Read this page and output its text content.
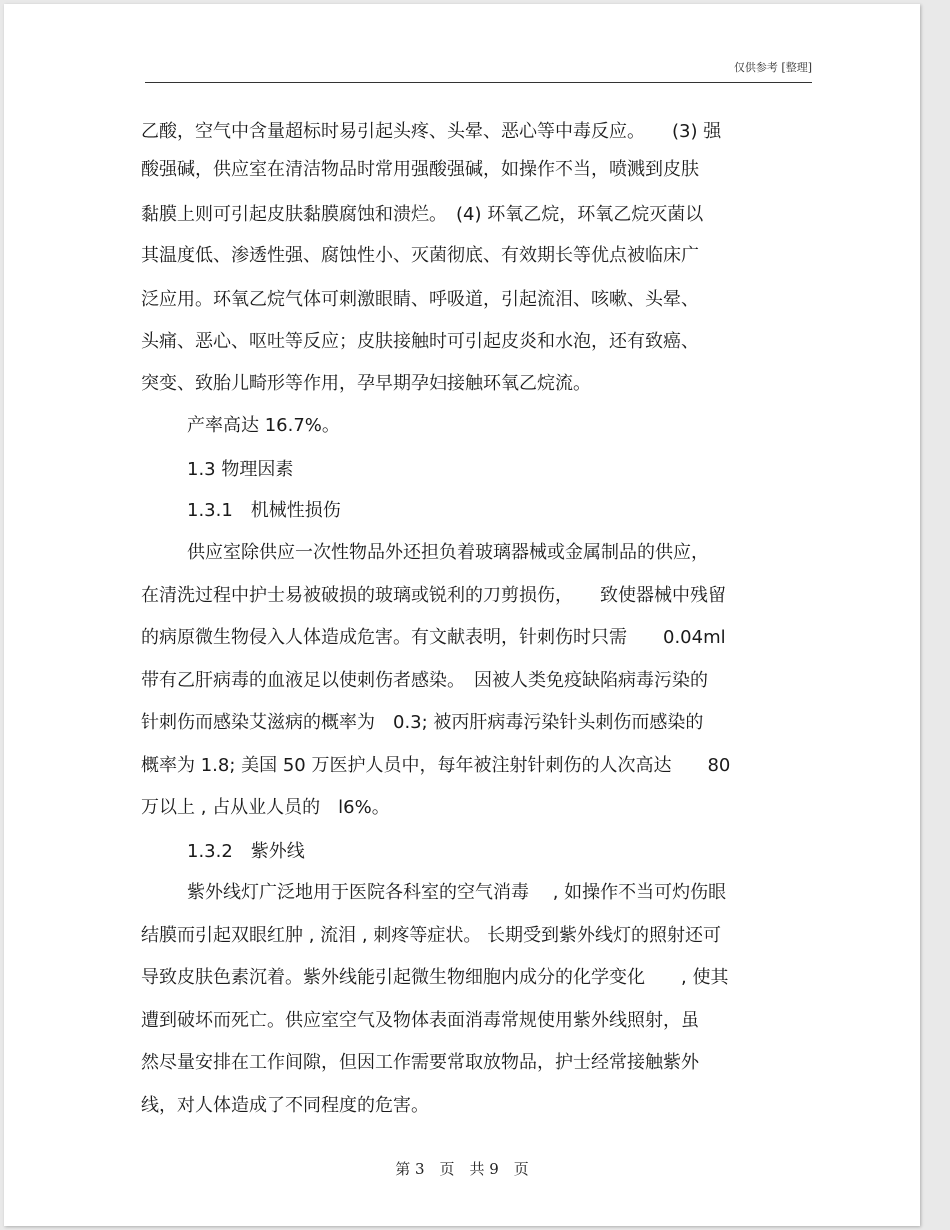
仅供参考 [整理]
乙酸，空气中含量超标时易引起头疼、头晕、恶心等中毒反应。　　(3) 强
酸强碱，供应室在清洁物品时常用强酸强碱，如操作不当，喷溅到皮肤
黏膜上则可引起皮肤黏膜腐蚀和溃烂。　(4) 环氧乙烷，环氧乙烷灭菌以
其温度低、渗透性强、腐蚀性小、灭菌彻底、有效期长等优点被临床广
泛应用。环氧乙烷气体可刺激眼睛、呼吸道，引起流泪、咳嗽、头晕、
头痛、恶心、呕吐等反应；皮肤接触时可引起皮炎和水泡，还有致癌、
突变、致胎儿畸形等作用，孕早期孕妇接触环氧乙烷流。
产率高达 16.7%。
1.3 物理因素
1.3.1　机械性损伤
供应室除供应一次性物品外还担负着玻璃器械或金属制品的供应，
在清洗过程中护士易被破损的玻璃或锐利的刀剪损伤，　　致使器械中残留
的病原微生物侵入人体造成危害。有文献表明，针刺伤时只需　　0.04ml
带有乙肝病毒的血液足以使刺伤者感染。　因被人类免疫缺陷病毒污染的
针刺伤而感染艾滋病的概率为　0.3; 被丙肝病毒污染针头刺伤而感染的
概率为 1.8; 美国 50 万医护人员中，每年被注射针刺伤的人次高达　　80
万以上 , 占从业人员的　l6%。
1.3.2　紫外线
紫外线灯广泛地用于医院各科室的空气消毒　 , 如操作不当可灼伤眼
结膜而引起双眼红肿 , 流泪 , 刺疼等症状。 长期受到紫外线灯的照射还可
导致皮肤色素沉着。紫外线能引起微生物细胞内成分的化学变化　　, 使其
遭到破坏而死亡。供应室空气及物体表面消毒常规使用紫外线照射，虽
然尽量安排在工作间隙，但因工作需要常取放物品，护士经常接触紫外
线，对人体造成了不同程度的危害。
第 3　页　共 9　页
